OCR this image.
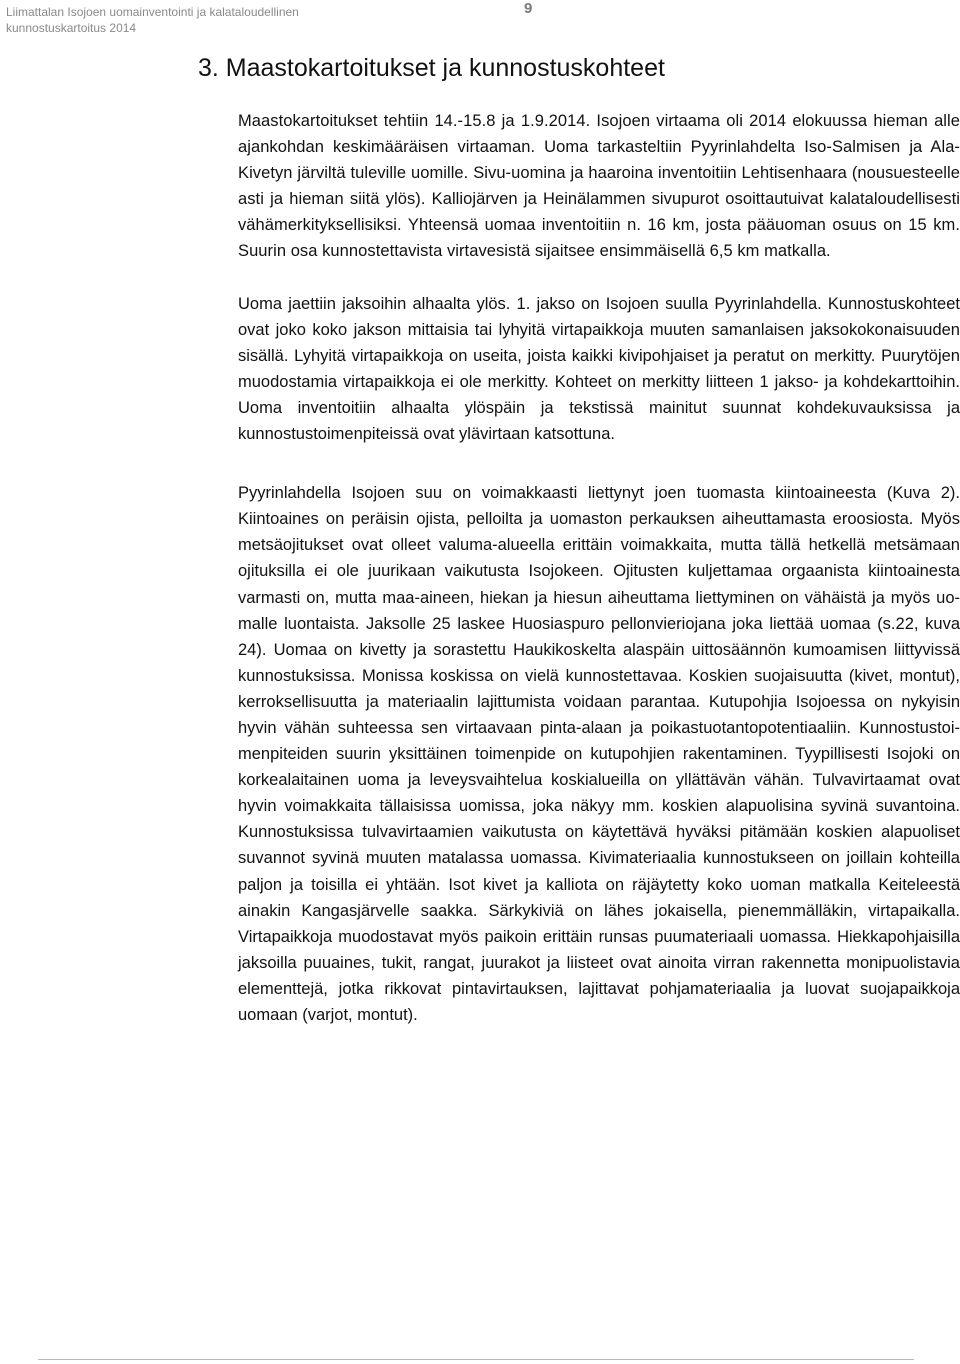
Liimattalan Isojoen uomainventointi ja kalataloudellinen
kunnostuskartoitus 2014
9
3. Maastokartoitukset ja kunnostuskohteet

Maastokartoitukset tehtiin 14.-15.8 ja 1.9.2014. Isojoen virtaama oli 2014 elokuussa hieman alle ajankohdan keskimääräisen virtaaman. Uoma tarkasteltiin Pyyrinlahdelta Iso-Salmisen ja Ala-Kivetyn järviltä tuleville uomille. Sivu-uomina ja haaroina inventoitiin Lehtisenhaara (nousuesteelle asti ja hieman siitä ylös). Kalliojärven ja Heinälammen sivupurot osoittautuivat kalataloudellisesti vähämerkityksellisiksi. Yhteensä uomaa inventoitiin n. 16 km, josta pääuoman osuus on 15 km. Suurin osa kunnostettavista virtavesistä sijaitsee ensimmäisellä 6,5 km matkalla.

Uoma jaettiin jaksoihin alhaalta ylös. 1. jakso on Isojoen suulla Pyyrinlahdella. Kunnostuskohteet ovat joko koko jakson mittaisia tai lyhyitä virtapaikkoja muuten samanlaisen jaksokokonaisuuden sisällä. Lyhyitä virtapaikkoja on useita, joista kaikki kivipohjaiset ja peratut on merkitty. Puurytöjen muodostamia virtapaikkoja ei ole merkitty. Kohteet on merkitty liitteen 1 jakso- ja kohdekarttoihin. Uoma inventoitiin alhaalta ylöspäin ja tekstissä mainitut suunnat kohdekuvauksissa ja kunnostustoimenpiteissä ovat ylävirtaan katsottuna.

Pyyrinlahdella Isojoen suu on voimakkaasti liettynyt joen tuomasta kiintoaineesta (Kuva 2). Kiintoaines on peräisin ojista, pelloilta ja uomaston perkauksen aiheuttamasta eroosiosta. Myös metsäojitukset ovat olleet valuma-alueella erittäin voimakkaita, mutta tällä hetkellä metsämaan ojituksilla ei ole juurikaan vaikutusta Isojokeen. Ojitusten kuljettamaa orgaanista kiintoainesta varmasti on, mutta maa-aineen, hiekan ja hiesun aiheuttama liettyminen on vähäistä ja myös uomalle luontaista. Jaksolle 25 laskee Huosiaspuro pellonvieriojana joka liettää uomaa (s.22, kuva 24). Uomaa on kivetty ja sorastettu Haukikoskelta alaspäin uittosäännön kumoamisen liittyvissä kunnostuksissa. Monissa koskissa on vielä kunnostettavaa. Koskien suojaisuutta (kivet, montut), kerroksellisuutta ja materiaalin lajittumista voidaan parantaa. Kutupohjia Isojoessa on nykyisin hyvin vähän suhteessa sen virtaavaan pinta-alaan ja poikastuotantopotentiaaliin. Kunnostustoimenpiteiden suurin yksittäinen toimenpide on kutupohjien rakentaminen. Tyypillisesti Isojoki on korkealaitainen uoma ja leveysvaihtelua koskialueilla on yllättävän vähän. Tulvavirtaamat ovat hyvin voimakkaita tällaisissa uomissa, joka näkyy mm. koskien alapuolisina syvinä suvantoina. Kunnostuksissa tulvavirtaamien vaikutusta on käytettävä hyväksi pitämään koskien alapuoliset suvannot syvinä muuten matalassa uomassa. Kivimateriaalia kunnostukseen on joillain kohteilla paljon ja toisilla ei yhtään. Isot kivet ja kalliota on räjäytetty koko uoman matkalla Keiteleestä ainakin Kangasjärvelle saakka. Särkykiviä on lähes jokaisella, pienemmälläkin, virtapaikalla. Virtapaikkoja muodostavat myös paikoin erittäin runsas puumateriaali uomassa. Hiekkapohjaisilla jaksoilla puuaines, tukit, rangat, juurakot ja liisteet ovat ainoita virran rakennetta monipuolistavia elementtejä, jotka rikkovat pintavirtauksen, lajittavat pohjamateriaalia ja luovat suojapaikkoja uomaan (varjot, montut).
